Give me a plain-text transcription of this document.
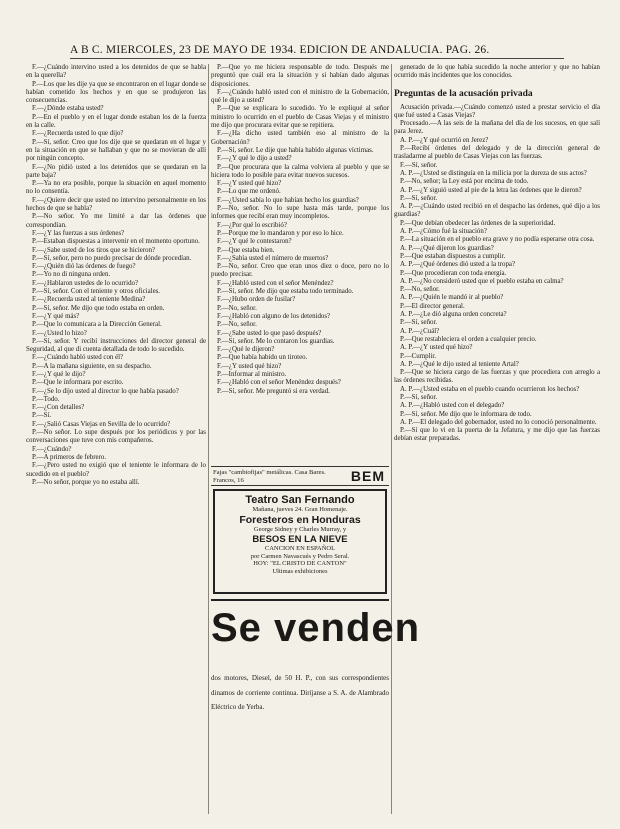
A B C. MIERCOLES, 23 DE MAYO DE 1934. EDICION DE ANDALUCIA. PAG. 26.

F.—¿Cuándo intervino usted a los detenidos de que se habla en la querella?

P.—Los que les dije ya que se encontraron en el lugar donde se habían cometido los hechos y en que se produjeron las consecuencias.

F.—¿Dónde estaba usted?

P.—En el pueblo y en el lugar donde estaban los de la fuerza en la calle.

F.—¿Recuerda usted lo que dijo?

P.—Sí, señor. Creo que los dije que se quedaran en el lugar y en la situación en que se hallaban y que no se movieran de allí por ningún concepto.

F.—¿No pidió usted a los detenidos que se quedaran en la parte baja?

P.—Ya no era posible, porque la situación en aquel momento no lo consentía.

F.—¿Quiere decir que usted no intervino personalmente en los hechos de que se habla?

P.—No señor. Yo me limité a dar las órdenes que correspondían.

F.—¿Y las fuerzas a sus órdenes?

P.—Estaban dispuestas a intervenir en el momento oportuno.

F.—¿Sabe usted de los tiros que se hicieron?

P.—Sí, señor, pero no puedo precisar de dónde procedían.

F.—¿Quién dió las órdenes de fuego?

P.—Yo no di ninguna orden.

F.—¿Hablaron ustedes de lo ocurrido?

P.—Sí, señor. Con el teniente y otros oficiales.

F.—¿Recuerda usted al teniente Medina?

P.—Sí, señor. Me dijo que todo estaba en orden.

F.—¿Y qué más?

P.—Que lo comunicara a la Dirección General.

F.—¿Usted lo hizo?

P.—Sí, señor. Y recibí instrucciones del director general de Seguridad, al que di cuenta detallada de todo lo sucedido.

F.—¿Cuándo habló usted con él?

P.—A la mañana siguiente, en su despacho.

F.—¿Y qué le dijo?

P.—Que le informara por escrito.

F.—¿Se lo dijo usted al director lo que había pasado?

P.—Todo.

F.—¿Con detalles?

P.—Sí.

F.—¿Salió Casas Viejas en Sevilla de lo ocurrido?

P.—No señor. Lo supe después por los periódicos y por las conversaciones que tuve con mis compañeros.

F.—¿Cuándo?

P.—A primeros de febrero.

F.—¿Pero usted no exigió que el teniente le informara de lo sucedido en el pueblo?

P.—No señor, porque yo no estaba allí.

P.—Que yo me hiciera responsable de todo. Después me preguntó que cuál era la situación y si habían dado algunas disposiciones.

F.—¿Cuándo habló usted con el ministro de la Gobernación, qué le dijo a usted?

P.—Que se explicara lo sucedido. Yo le expliqué al señor ministro lo ocurrido en el pueblo de Casas Viejas y el ministro me dijo que procurara evitar que se repitiera.

F.—¿Ha dicho usted también eso al ministro de la Gobernación?

P.—Sí, señor. Le dije que había habido algunas víctimas.

F.—¿Y qué le dijo a usted?

P.—Que procurara que la calma volviera al pueblo y que se hiciera todo lo posible para evitar nuevos sucesos.

F.—¿Y usted qué hizo?

P.—Lo que me ordenó.

F.—¿Usted sabía lo que habían hecho los guardias?

P.—No, señor. No lo supe hasta más tarde, porque los informes que recibí eran muy incompletos.

F.—¿Por qué lo escribió?

P.—Porque me lo mandaron y por eso lo hice.

F.—¿Y qué le contestaron?

P.—Que estaba bien.

F.—¿Sabía usted el número de muertos?

P.—No, señor. Creo que eran unos diez o doce, pero no lo puedo precisar.

F.—¿Habló usted con el señor Menéndez?

P.—Sí, señor. Me dijo que estaba todo terminado.

F.—¿Hubo orden de fusilar?

P.—No, señor.

F.—¿Habló con alguno de los detenidos?

P.—No, señor.

F.—¿Sabe usted lo que pasó después?

P.—Sí, señor. Me lo contaron los guardias.

F.—¿Qué le dijeron?

P.—Que había habido un tiroteo.

F.—¿Y usted qué hizo?

P.—Informar al ministro.

F.—¿Habló con el señor Menéndez después?

P.—Sí, señor. Me preguntó si era verdad.

generado de lo que había sucedido la noche anterior y que no habían ocurrido más incidentes que los conocidos.

Preguntas de la acusación privada

Acusación privada.—¿Cuándo comenzó usted a prestar servicio el día que fué usted a Casas Viejas?

Procesado.—A las seis de la mañana del día de los sucesos, en que salí para Jerez.

A. P.—¿Y qué ocurrió en Jerez?

P.—Recibí órdenes del delegado y de la dirección general de trasladarme al pueblo de Casas Viejas con las fuerzas.

F.—Sí, señor.

A. P.—¿Usted se distinguía en la milicia por la dureza de sus actos?

P.—No, señor; la Ley está por encima de todo.

A. P.—¿Y siguió usted al pie de la letra las órdenes que le dieron?

P.—Sí, señor.

A. P.—¿Cuándo usted recibió en el despacho las órdenes, qué dijo a los guardias?

P.—Que debían obedecer las órdenes de la superioridad.

A. P.—¿Cómo fué la situación?

P.—La situación en el pueblo era grave y no podía esperarse otra cosa.

A. P.—¿Qué dijeron los guardias?

P.—Que estaban dispuestos a cumplir.

A. P.—¿Qué órdenes dió usted a la tropa?

P.—Que procedieran con toda energía.

A. P.—¿No consideró usted que el pueblo estaba en calma?

P.—No, señor.

A. P.—¿Quién le mandó ir al pueblo?

P.—El director general.

A. P.—¿Le dió alguna orden concreta?

P.—Sí, señor.

A. P.—¿Cuál?

P.—Que restableciera el orden a cualquier precio.

A. P.—¿Y usted qué hizo?

P.—Cumplir.

A. P.—¿Qué le dijo usted al teniente Artal?

P.—Que se hiciera cargo de las fuerzas y que procediera con arreglo a las órdenes recibidas.

A. P.—¿Usted estaba en el pueblo cuando ocurrieron los hechos?

P.—Sí, señor.

A. P.—¿Habló usted con el delegado?

P.—Sí, señor. Me dijo que le informara de todo.

A. P.—El delegado del gobernador, usted no lo conoció personalmente.

P.—Sí que lo vi en la puerta de la Jefatura, y me dijo que las fuerzas debían estar preparadas.

Fajas "cambiofijas" metálicas. Casa Bares. Francos, 16	BEM
Teatro San Fernando
Mañana, jueves 24. Gran Homenaje.
Foresteros en Honduras
George Sidney y Charles Murray, y
BESOS EN LA NIEVE
CANCION EN ESPAÑOL
por Carmen Navascués y Pedro Seral.
HOY: "EL CRISTO DE CANTON"
Ultimas exhibiciones
Se venden
dos motores, Diesel, de 50 H. P., con sus correspondientes dinamos de corriente continua. Diríjanse a S. A. de Alambrado Eléctrico de Yerba.
